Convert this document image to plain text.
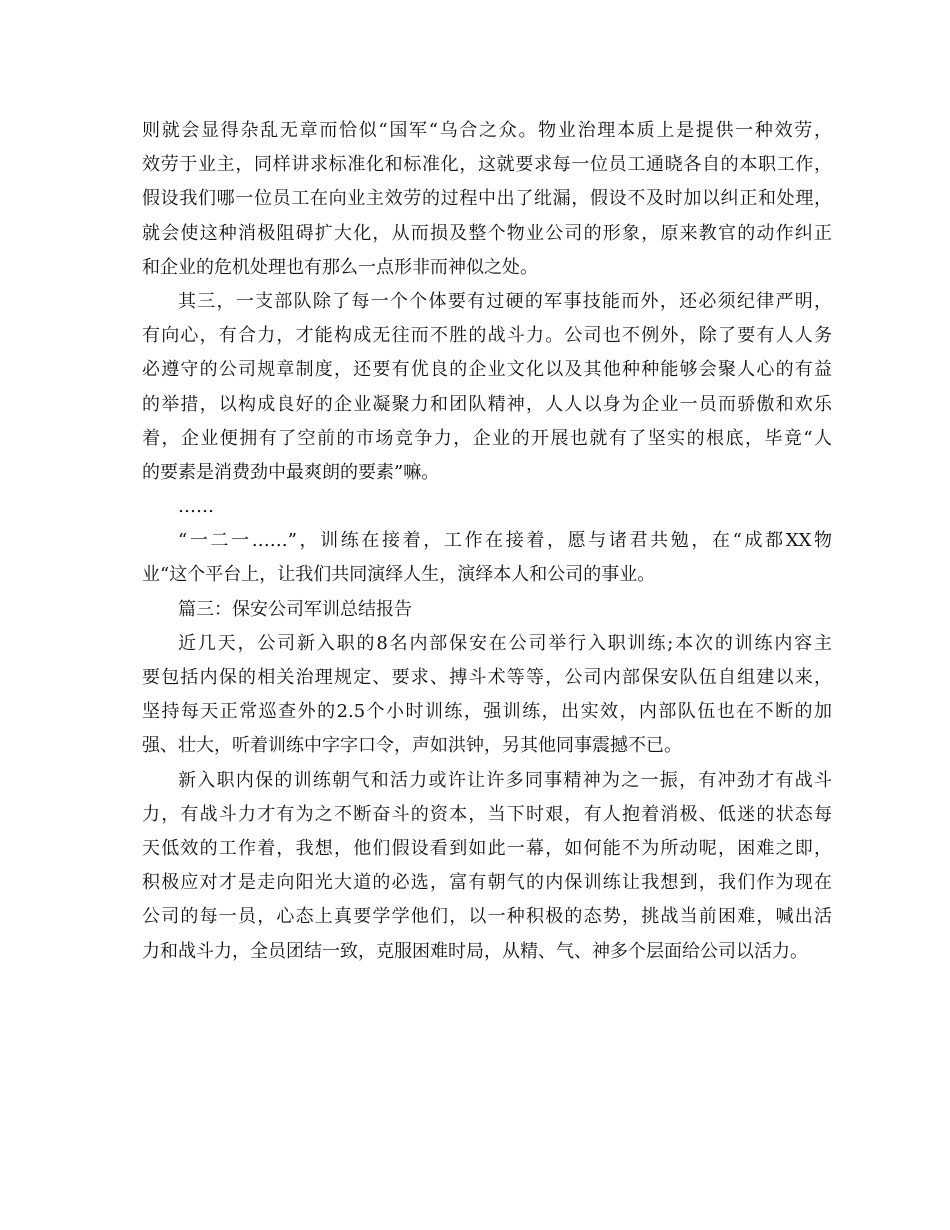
则就会显得杂乱无章而恰似“国军“乌合之众。物业治理本质上是提供一种效劳，
效劳于业主，同样讲求标准化和标准化，这就要求每一位员工通晓各自的本职工作，
假设我们哪一位员工在向业主效劳的过程中出了纰漏，假设不及时加以纠正和处理，
就会使这种消极阻碍扩大化，从而损及整个物业公司的形象，原来教官的动作纠正
和企业的危机处理也有那么一点形非而神似之处。
其三，一支部队除了每一个个体要有过硬的军事技能而外，还必须纪律严明，
有向心，有合力，才能构成无往而不胜的战斗力。公司也不例外，除了要有人人务
必遵守的公司规章制度，还要有优良的企业文化以及其他种种能够会聚人心的有益
的举措，以构成良好的企业凝聚力和团队精神，人人以身为企业一员而骄傲和欢乐
着，企业便拥有了空前的市场竞争力，企业的开展也就有了坚实的根底，毕竟“人
的要素是消费劲中最爽朗的要素”嘛。
……
“一二一……”，训练在接着，工作在接着，愿与诸君共勉，在“成都XX物
业“这个平台上，让我们共同演绎人生，演绎本人和公司的事业。
篇三：保安公司军训总结报告
近几天，公司新入职的8名内部保安在公司举行入职训练;本次的训练内容主
要包括内保的相关治理规定、要求、搏斗术等等，公司内部保安队伍自组建以来，
坚持每天正常巡查外的2.5个小时训练，强训练，出实效，内部队伍也在不断的加
强、壮大，听着训练中字字口令，声如洪钟，另其他同事震撼不已。
新入职内保的训练朝气和活力或许让许多同事精神为之一振，有冲劲才有战斗
力，有战斗力才有为之不断奋斗的资本，当下时艰，有人抱着消极、低迷的状态每
天低效的工作着，我想，他们假设看到如此一幕，如何能不为所动呢，困难之即，
积极应对才是走向阳光大道的必选，富有朝气的内保训练让我想到，我们作为现在
公司的每一员，心态上真要学学他们，以一种积极的态势，挑战当前困难，喊出活
力和战斗力，全员团结一致，克服困难时局，从精、气、神多个层面给公司以活力。
